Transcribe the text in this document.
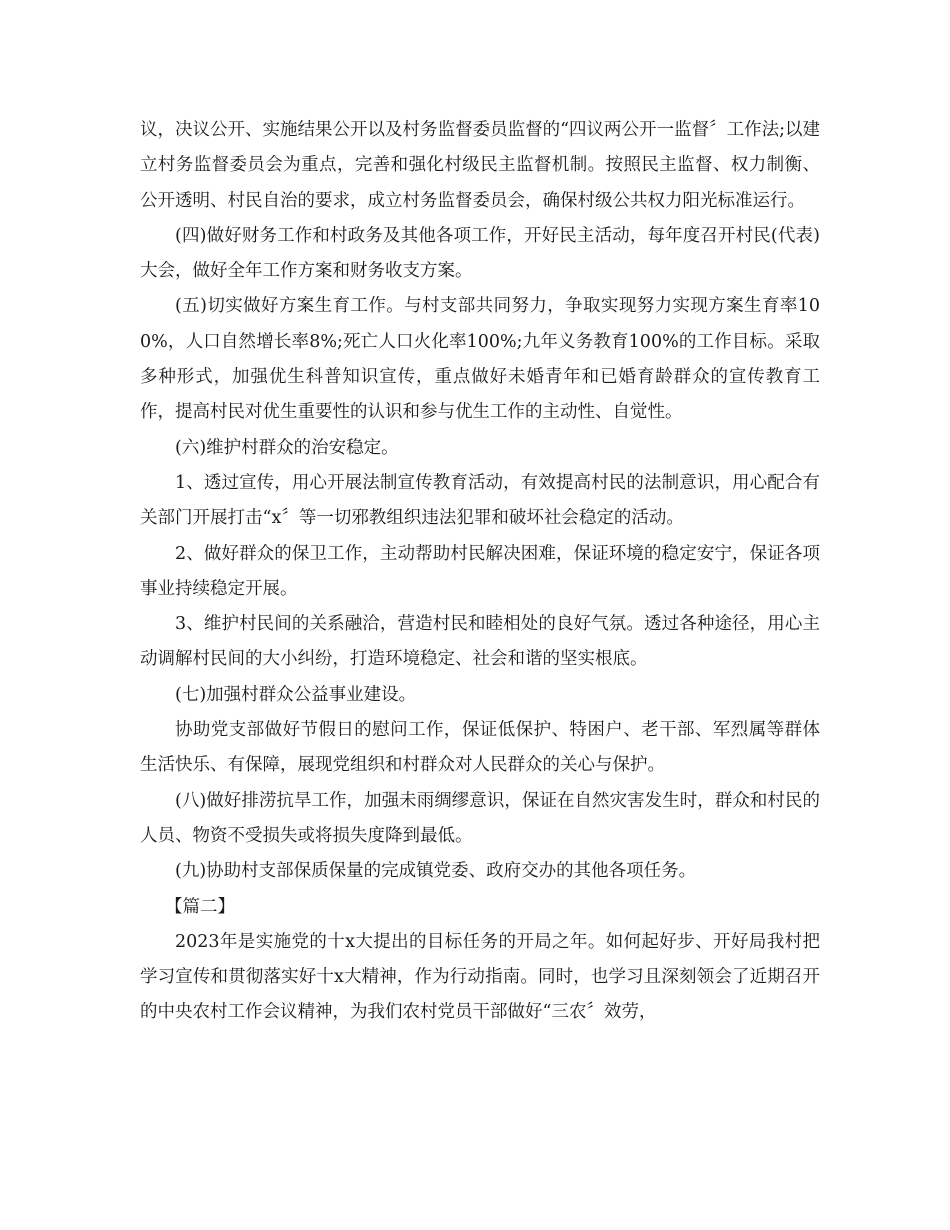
议，决议公开、实施结果公开以及村务监督委员监督的“四议两公开一监督〞工作法;以建立村务监督委员会为重点，完善和强化村级民主监督机制。按照民主监督、权力制衡、公开透明、村民自治的要求，成立村务监督委员会，确保村级公共权力阳光标准运行。

(四)做好财务工作和村政务及其他各项工作，开好民主活动，每年度召开村民(代表)大会，做好全年工作方案和财务收支方案。

(五)切实做好方案生育工作。与村支部共同努力，争取实现努力实现方案生育率100%，人口自然增长率8%;死亡人口火化率100%;九年义务教育100%的工作目标。采取多种形式，加强优生科普知识宣传，重点做好未婚青年和已婚育龄群众的宣传教育工作，提高村民对优生重要性的认识和参与优生工作的主动性、自觉性。

(六)维护村群众的治安稳定。

1、透过宣传，用心开展法制宣传教育活动，有效提高村民的法制意识，用心配合有关部门开展打击“x〞等一切邪教组织违法犯罪和破坏社会稳定的活动。

2、做好群众的保卫工作，主动帮助村民解决困难，保证环境的稳定安宁，保证各项事业持续稳定开展。

3、维护村民间的关系融洽，营造村民和睦相处的良好气氛。透过各种途径，用心主动调解村民间的大小纠纷，打造环境稳定、社会和谐的坚实根底。

(七)加强村群众公益事业建设。

协助党支部做好节假日的慰问工作，保证低保护、特困户、老干部、军烈属等群体生活快乐、有保障，展现党组织和村群众对人民群众的关心与保护。

(八)做好排涝抗旱工作，加强未雨绸缪意识，保证在自然灾害发生时，群众和村民的人员、物资不受损失或将损失度降到最低。

(九)协助村支部保质保量的完成镇党委、政府交办的其他各项任务。

【篇二】

2023年是实施党的十x大提出的目标任务的开局之年。如何起好步、开好局我村把学习宣传和贯彻落实好十x大精神，作为行动指南。同时，也学习且深刻领会了近期召开的中央农村工作会议精神，为我们农村党员干部做好“三农〞效劳，
